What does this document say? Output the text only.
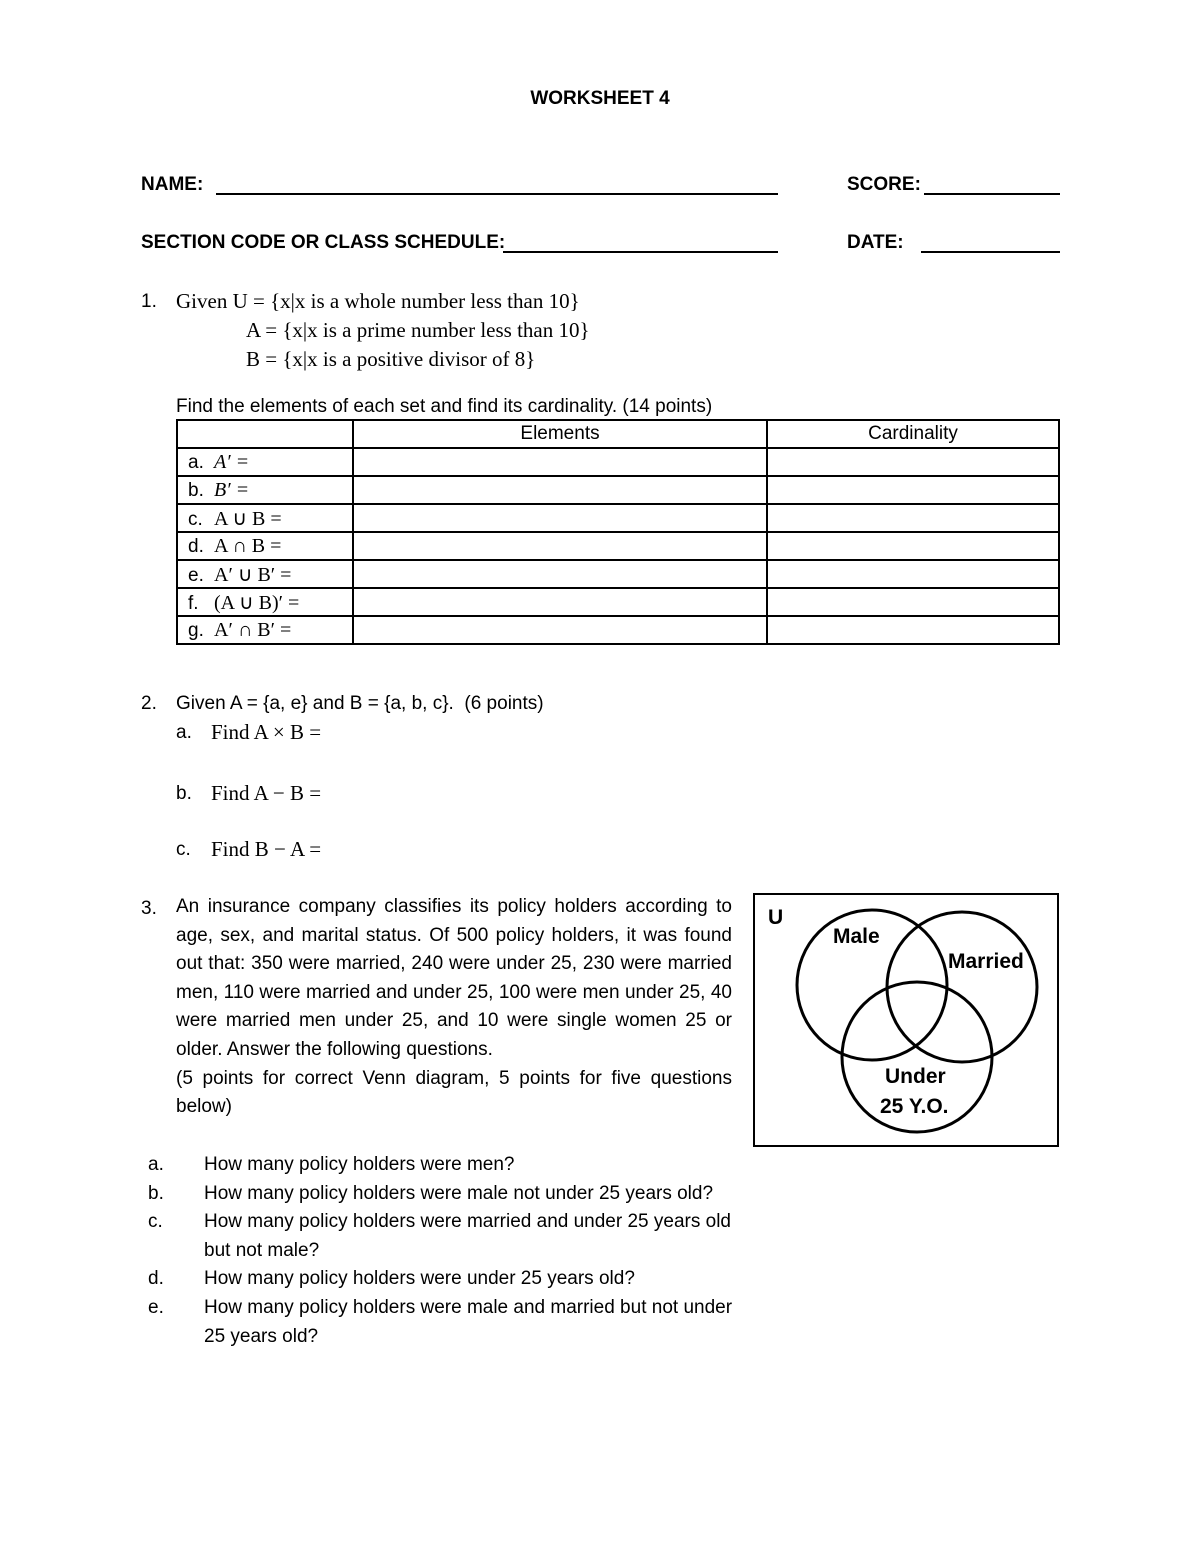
WORKSHEET 4
NAME:	SCORE:
SECTION CODE OR CLASS SCHEDULE:	DATE:
1. Given U = {x|x is a whole number less than 10}
A = {x|x is a prime number less than 10}
B = {x|x is a positive divisor of 8}
Find the elements of each set and find its cardinality. (14 points)
	Elements	Cardinality
a. A′ =		
b. B′ =		
c. A ∪ B =		
d. A ∩ B =		
e. A′ ∪ B′ =		
f. (A ∪ B)′ =		
g. A′ ∩ B′ =		
2. Given A = {a, e} and B = {a, b, c}.  (6 points)
a. Find A × B =
b. Find A − B =
c. Find B − A =
3. An insurance company classifies its policy holders according to age, sex, and marital status. Of 500 policy holders, it was found out that: 350 were married, 240 were under 25, 230 were married men, 110 were married and under 25, 100 were men under 25, 40 were married men under 25, and 10 were single women 25 or older. Answer the following questions.
(5 points for correct Venn diagram, 5 points for five questions below)
a. How many policy holders were men?
b. How many policy holders were male not under 25 years old?
c. How many policy holders were married and under 25 years old but not male?
d. How many policy holders were under 25 years old?
e. How many policy holders were male and married but not under 25 years old?
U
Male
Married
Under
25 Y.O.
